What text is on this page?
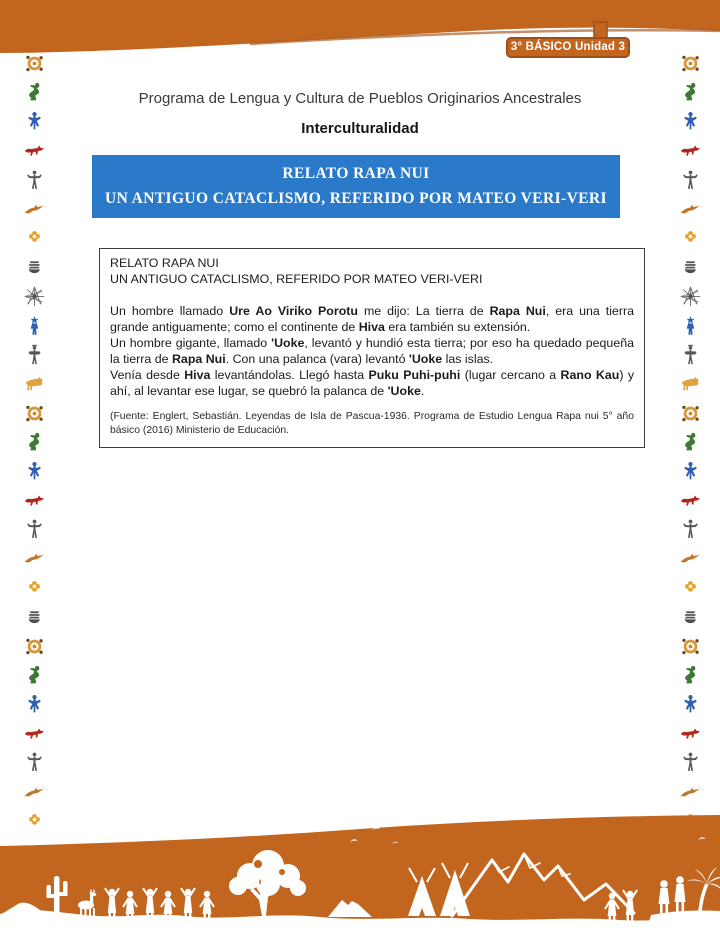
3° BÁSICO Unidad 3
Programa de Lengua y Cultura de Pueblos Originarios Ancestrales
Interculturalidad
RELATO RAPA NUI
UN ANTIGUO CATACLISMO, REFERIDO POR MATEO VERI-VERI

RELATO RAPA NUI

UN ANTIGUO CATACLISMO, REFERIDO POR MATEO VERI-VERI

Un hombre llamado Ure Ao Viriko Porotu me dijo: La tierra de Rapa Nui, era una tierra grande antiguamente; como el continente de Hiva era también su extensión.

Un hombre gigante, llamado 'Uoke, levantó y hundió esta tierra; por eso ha quedado pequeña la tierra de Rapa Nui. Con una palanca (vara) levantó 'Uoke las islas.

Venía desde Hiva levantándolas. Llegó hasta Puku Puhi-puhi (lugar cercano a Rano Kau) y ahí, al levantar ese lugar, se quebró la palanca de 'Uoke.

(Fuente: Englert, Sebastián. Leyendas de Isla de Pascua-1936. Programa de Estudio Lengua Rapa nui 5° año básico (2016) Ministerio de Educación.
